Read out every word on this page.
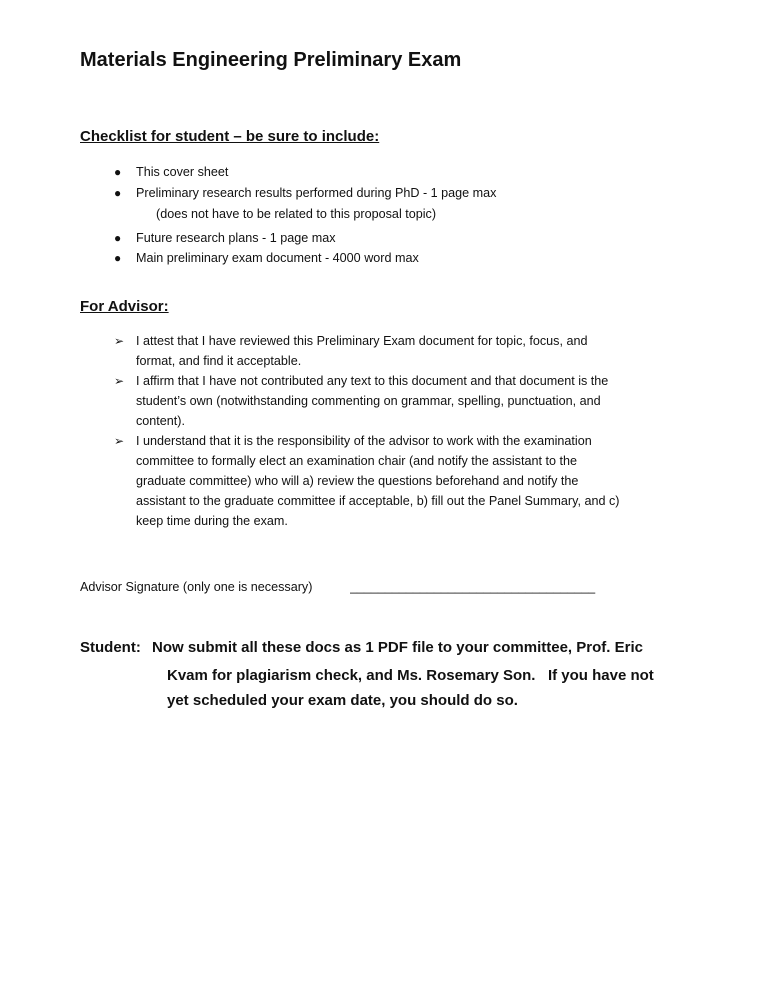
Materials Engineering Preliminary Exam
Checklist for student – be sure to include:
● This cover sheet
● Preliminary research results performed during PhD - 1 page max
(does not have to be related to this proposal topic)
● Future research plans - 1 page max
● Main preliminary exam document - 4000 word max
For Advisor:
➢ I attest that I have reviewed this Preliminary Exam document for topic, focus, and
format, and find it acceptable.
➢ I affirm that I have not contributed any text to this document and that document is the
student’s own (notwithstanding commenting on grammar, spelling, punctuation, and
content).
➢ I understand that it is the responsibility of the advisor to work with the examination
committee to formally elect an examination chair (and notify the assistant to the
graduate committee) who will a) review the questions beforehand and notify the
assistant to the graduate committee if acceptable, b) fill out the Panel Summary, and c)
keep time during the exam.
Advisor Signature (only one is necessary)	___________________________________
Student: Now submit all these docs as 1 PDF file to your committee, Prof. Eric
Kvam for plagiarism check, and Ms. Rosemary Son.   If you have not
yet scheduled your exam date, you should do so.
